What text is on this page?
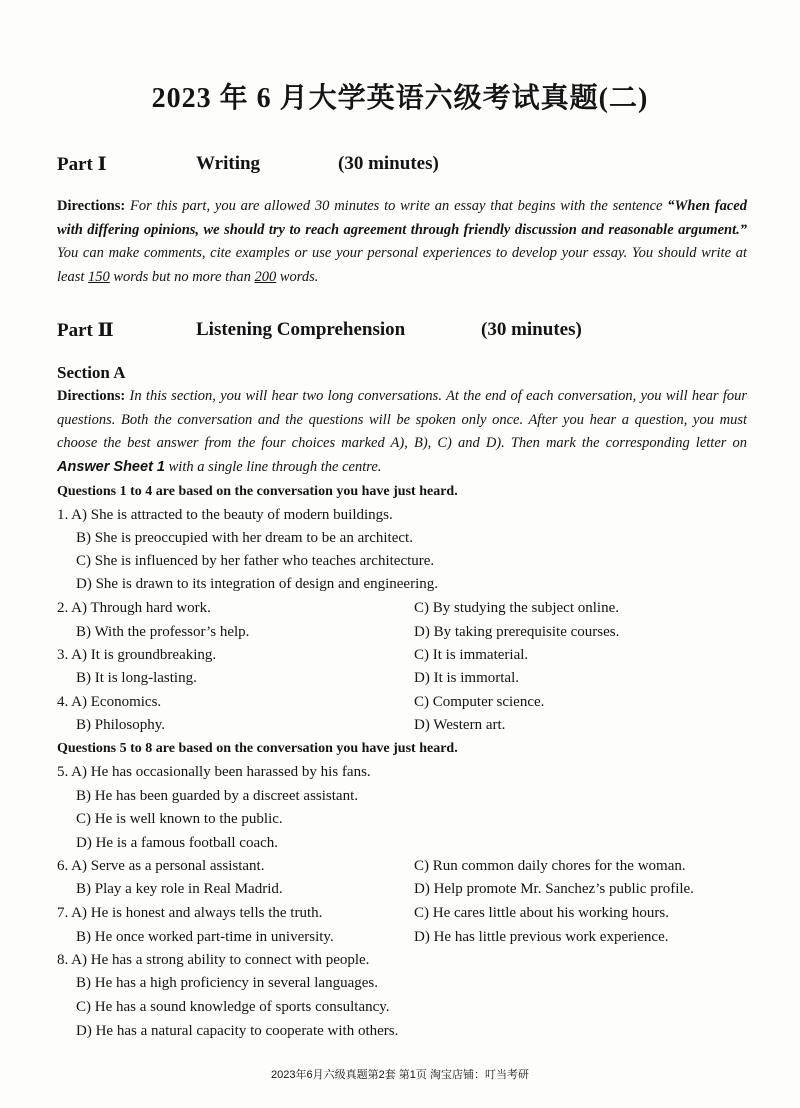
2023 年 6 月大学英语六级考试真题(二)
Part Ⅰ	Writing	(30 minutes)
Directions: For this part, you are allowed 30 minutes to write an essay that begins with the sentence “When faced with differing opinions, we should try to reach agreement through friendly discussion and reasonable argument.” You can make comments, cite examples or use your personal experiences to develop your essay. You should write at least 150 words but no more than 200 words.
Part Ⅱ	Listening Comprehension	(30 minutes)
Section A
Directions: In this section, you will hear two long conversations. At the end of each conversation, you will hear four questions. Both the conversation and the questions will be spoken only once. After you hear a question, you must choose the best answer from the four choices marked A), B), C) and D). Then mark the corresponding letter on Answer Sheet 1 with a single line through the centre.
Questions 1 to 4 are based on the conversation you have just heard.
1. A) She is attracted to the beauty of modern buildings.
B) She is preoccupied with her dream to be an architect.
C) She is influenced by her father who teaches architecture.
D) She is drawn to its integration of design and engineering.
2. A) Through hard work.	C) By studying the subject online.
B) With the professor’s help.	D) By taking prerequisite courses.
3. A) It is groundbreaking.	C) It is immaterial.
B) It is long-lasting.	D) It is immortal.
4. A) Economics.	C) Computer science.
B) Philosophy.	D) Western art.
Questions 5 to 8 are based on the conversation you have just heard.
5. A) He has occasionally been harassed by his fans.
B) He has been guarded by a discreet assistant.
C) He is well known to the public.
D) He is a famous football coach.
6. A) Serve as a personal assistant.	C) Run common daily chores for the woman.
B) Play a key role in Real Madrid.	D) Help promote Mr. Sanchez’s public profile.
7. A) He is honest and always tells the truth.	C) He cares little about his working hours.
B) He once worked part-time in university.	D) He has little previous work experience.
8. A) He has a strong ability to connect with people.
B) He has a high proficiency in several languages.
C) He has a sound knowledge of sports consultancy.
D) He has a natural capacity to cooperate with others.
2023年6月六级真题第2套 第1页 淘宝店铺：叮当考研
